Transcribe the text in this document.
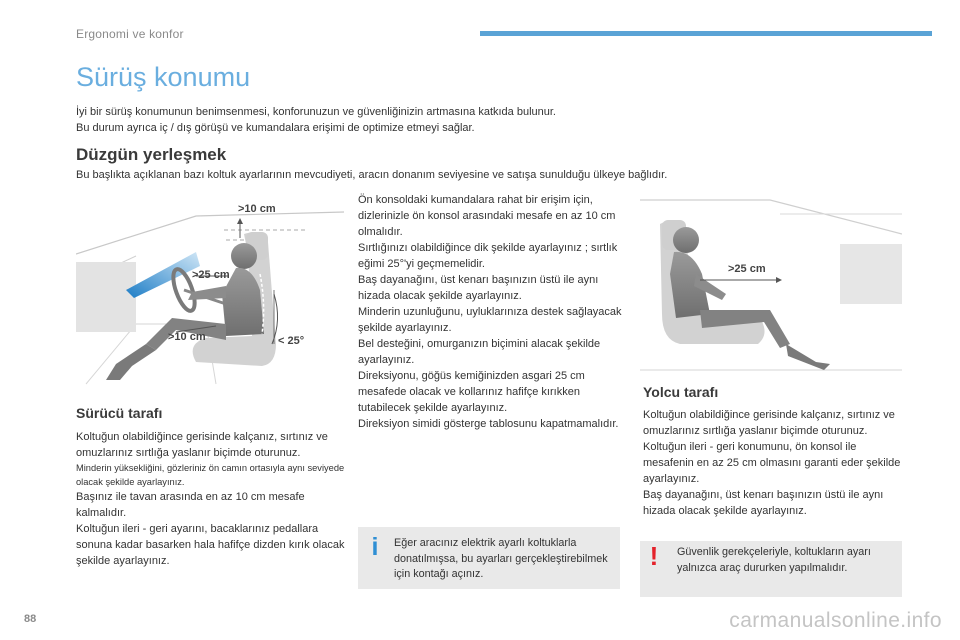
Ergonomi ve konfor
Sürüş konumu
İyi bir sürüş konumunun benimsenmesi, konforunuzun ve güvenliğinizin artmasına katkıda bulunur.
Bu durum ayrıca iç / dış görüşü ve kumandalara erişimi de optimize etmeyi sağlar.
Düzgün yerleşmek
Bu başlıkta açıklanan bazı koltuk ayarlarının mevcudiyeti, aracın donanım seviyesine ve satışa sunulduğu ülkeye bağlıdır.
>10 cm
>25 cm
>10 cm	< 25°
>25 cm
Sürücü tarafı

Koltuğun olabildiğince gerisinde kalçanız, sırtınız ve omuzlarınız sırtlığa yaslanır biçimde oturunuz.

Minderin yüksekliğini, gözleriniz ön camın ortasıyla aynı seviyede olacak şekilde ayarlayınız.

Başınız ile tavan arasında en az 10 cm mesafe kalmalıdır.

Koltuğun ileri - geri ayarını, bacaklarınız pedallara sonuna kadar basarken hala hafifçe dizden kırık olacak şekilde ayarlayınız.

Ön konsoldaki kumandalara rahat bir erişim için, dizlerinizle ön konsol arasındaki mesafe en az 10 cm olmalıdır.

Sırtlığınızı olabildiğince dik şekilde ayarlayınız ; sırtlık eğimi 25°'yi geçmemelidir.

Baş dayanağını, üst kenarı başınızın üstü ile aynı hizada olacak şekilde ayarlayınız.

Minderin uzunluğunu, uyluklarınıza destek sağlayacak şekilde ayarlayınız.

Bel desteğini, omurganızın biçimini alacak şekilde ayarlayınız.

Direksiyonu, göğüs kemiğinizden asgari 25 cm mesafede olacak ve kollarınız hafifçe kırıkken tutabilecek şekilde ayarlayınız.

Direksiyon simidi gösterge tablosunu kapatmamalıdır.

i	Eğer aracınız elektrik ayarlı koltuklarla donatılmışsa, bu ayarları gerçekleştirebilmek için kontağı açınız.
Yolcu tarafı

Koltuğun olabildiğince gerisinde kalçanız, sırtınız ve omuzlarınız sırtlığa yaslanır biçimde oturunuz.

Koltuğun ileri - geri konumunu, ön konsol ile mesafenin en az 25 cm olmasını garanti eder şekilde ayarlayınız.

Baş dayanağını, üst kenarı başınızın üstü ile aynı hizada olacak şekilde ayarlayınız.

! Güvenlik gerekçeleriyle, koltukların ayarı yalnızca araç dururken yapılmalıdır.
88	carmanualsonline.info
